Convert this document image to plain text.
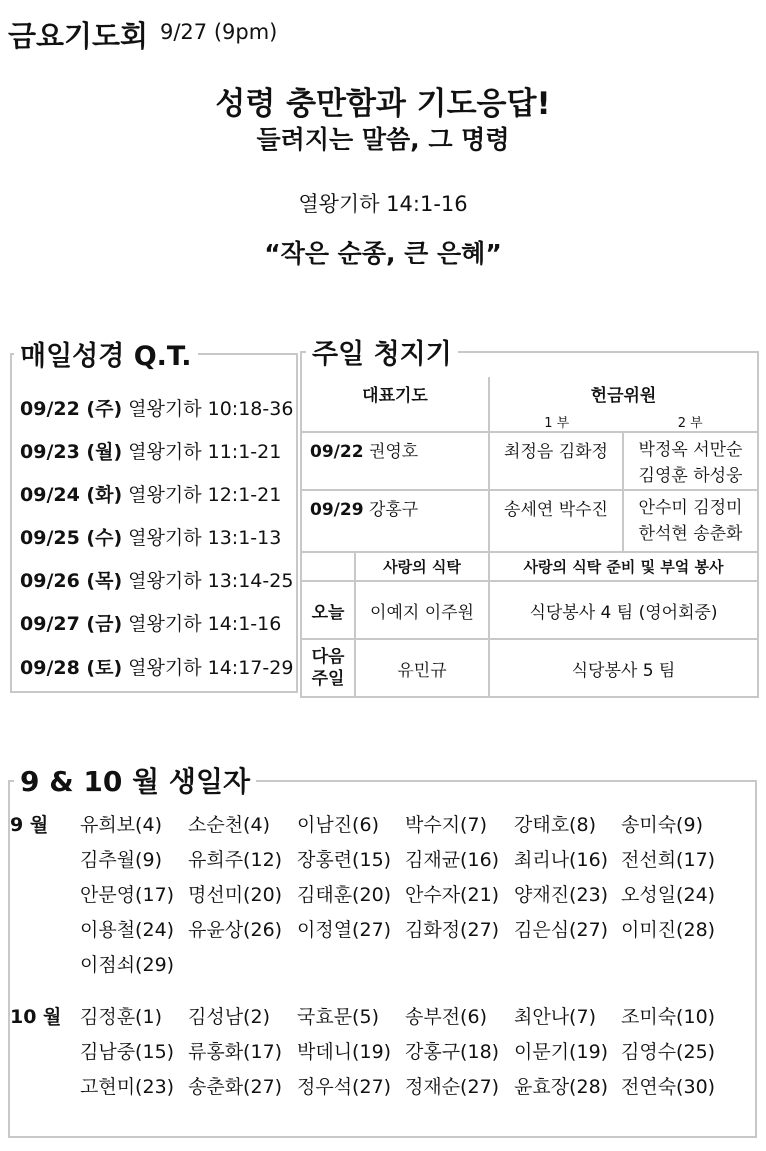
금요기도회 9/27 (9pm)
성령 충만함과 기도응답!
들려지는 말씀, 그 명령
열왕기하 14:1-16
“작은 순종, 큰 은혜”
매일성경 Q.T.
09/22 (주) 열왕기하 10:18-36
09/23 (월) 열왕기하 11:1-21
09/24 (화) 열왕기하 12:1-21
09/25 (수) 열왕기하 13:1-13
09/26 (목) 열왕기하 13:14-25
09/27 (금) 열왕기하 14:1-16
09/28 (토) 열왕기하 14:17-29
주일 청지기
대표기도		헌금위원
1 부 2 부	

09/22 권영호		최정음 김화정	박정옥 서만순
김영훈 하성웅

09/29 강홍구		송세연 박수진	안수미 김정미
한석현 송춘화

	사랑의 식탁	사랑의 식탁 준비 및 부엌 봉사	
오늘	이예지 이주원	식당봉사 4 팀 (영어회중)	

다음
주일	유민규	식당봉사 5 팀	
9 & 10 월 생일자
9 월
10 월
유희보(4) 소순천(4) 이남진(6) 박수지(7) 강태호(8) 송미숙(9)
김추월(9) 유희주(12) 장홍련(15) 김재균(16) 최리나(16) 전선희(17)
안문영(17) 명선미(20) 김태훈(20) 안수자(21) 양재진(23) 오성일(24)
이용철(24) 유윤상(26) 이정열(27) 김화정(27) 김은심(27) 이미진(28)
이점쇠(29)
김정훈(1) 김성남(2) 국효문(5) 송부전(6) 최안나(7) 조미숙(10)
김남중(15) 류홍화(17) 박데니(19) 강홍구(18) 이문기(19) 김영수(25)
고현미(23) 송춘화(27) 정우석(27) 정재순(27) 윤효장(28) 전연숙(30)
